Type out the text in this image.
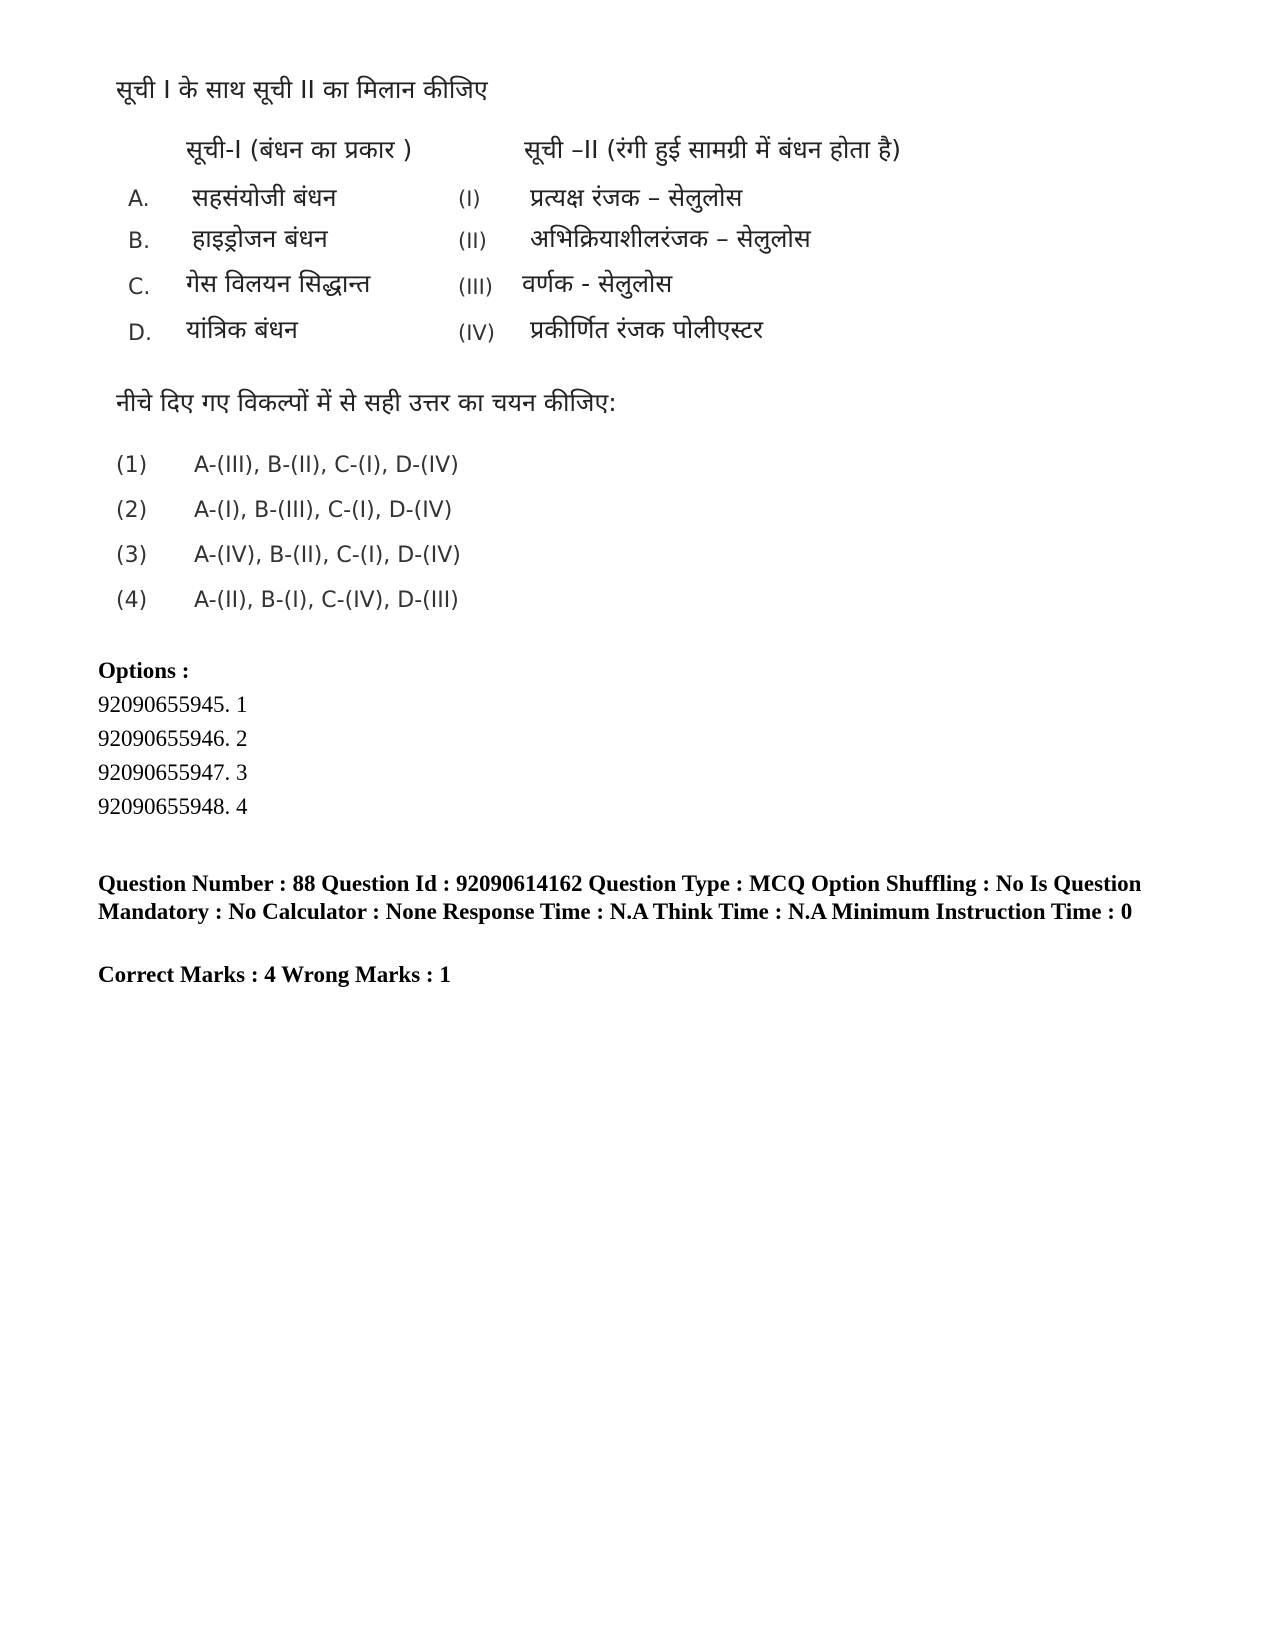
सूची I के साथ सूची II का मिलान कीजिए
सूची-I (बंधन का प्रकार )	सूची –II (रंगी हुई सामग्री में बंधन होता है)
A. सहसंयोजी बंधन	(I) प्रत्यक्ष रंजक – सेलुलोस
B. हाइड्रोजन बंधन	(II) अभिक्रियाशीलरंजक – सेलुलोस
C. गेस विलयन सिद्धान्त	(III) वर्णक - सेलुलोस
D. यांत्रिक बंधन	(IV) प्रकीर्णित रंजक पोलीएस्टर
नीचे दिए गए विकल्पों में से सही उत्तर का चयन कीजिए:
(1) A-(III), B-(II), C-(I), D-(IV)
(2) A-(I), B-(III), C-(I), D-(IV)
(3) A-(IV), B-(II), C-(I), D-(IV)
(4) A-(II), B-(I), C-(IV), D-(III)
Options :
92090655945. 1
92090655946. 2
92090655947. 3
92090655948. 4
Question Number : 88 Question Id : 92090614162 Question Type : MCQ Option Shuffling : No Is Question Mandatory : No Calculator : None Response Time : N.A Think Time : N.A Minimum Instruction Time : 0
Correct Marks : 4 Wrong Marks : 1
